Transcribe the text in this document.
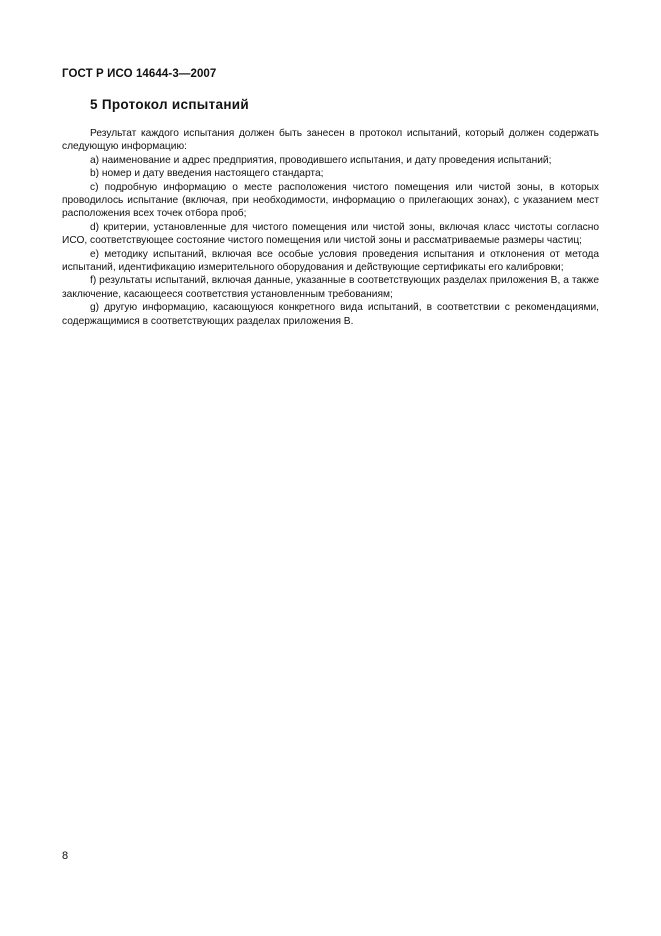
ГОСТ Р ИСО 14644-3—2007
5 Протокол испытаний

Результат каждого испытания должен быть занесен в протокол испытаний, который должен содержать следующую информацию:

a) наименование и адрес предприятия, проводившего испытания, и дату проведения испытаний;

b) номер и дату введения настоящего стандарта;

c) подробную информацию о месте расположения чистого помещения или чистой зоны, в которых проводилось испытание (включая, при необходимости, информацию о прилегающих зонах), с указанием мест расположения всех точек отбора проб;

d) критерии, установленные для чистого помещения или чистой зоны, включая класс чистоты согласно ИСО, соответствующее состояние чистого помещения или чистой зоны и рассматриваемые размеры частиц;

e) методику испытаний, включая все особые условия проведения испытания и отклонения от метода испытаний, идентификацию измерительного оборудования и действующие сертификаты его калибровки;

f) результаты испытаний, включая данные, указанные в соответствующих разделах приложения В, а также заключение, касающееся соответствия установленным требованиям;

g) другую информацию, касающуюся конкретного вида испытаний, в соответствии с рекомендациями, содержащимися в соответствующих разделах приложения В.

8
